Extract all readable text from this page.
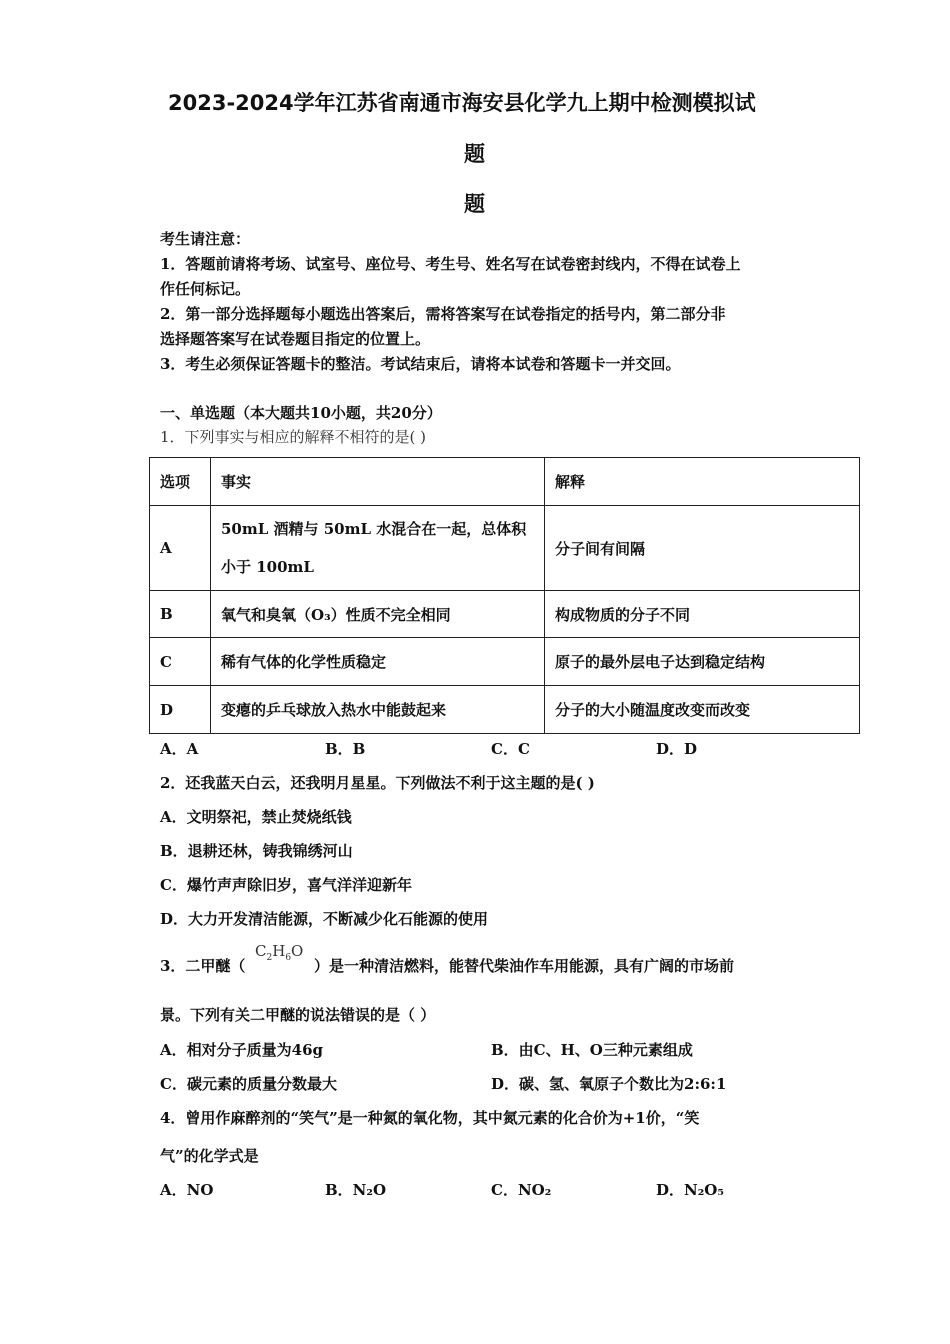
2023-2024学年江苏省南通市海安县化学九上期中检测模拟试
题
题
考生请注意：
1．答题前请将考场、试室号、座位号、考生号、姓名写在试卷密封线内，不得在试卷上
作任何标记。
2．第一部分选择题每小题选出答案后，需将答案写在试卷指定的括号内，第二部分非
选择题答案写在试卷题目指定的位置上。
3．考生必须保证答题卡的整洁。考试结束后，请将本试卷和答题卡一并交回。
一、单选题（本大题共10小题，共20分）
1．下列事实与相应的解释不相符的是( )
选项	事实	解释
A	50mL 酒精与 50mL 水混合在一起，总体积小于 100mL	分子间有间隔
B	氧气和臭氧（O₃）性质不完全相同	构成物质的分子不同
C	稀有气体的化学性质稳定	原子的最外层电子达到稳定结构
D	变瘪的乒乓球放入热水中能鼓起来	分子的大小随温度改变而改变
A．A	B．B	C．C	D．D
2．还我蓝天白云，还我明月星星。下列做法不利于这主题的是( )
A．文明祭祀，禁止焚烧纸钱
B．退耕还林，铸我锦绣河山
C．爆竹声声除旧岁，喜气洋洋迎新年
D．大力开发清洁能源，不断减少化石能源的使用
3．二甲醚（
$C_2H_6O$
）是一种清洁燃料，能替代柴油作车用能源，具有广阔的市场前
景。下列有关二甲醚的说法错误的是（ ）
A．相对分子质量为46g	B．由C、H、O三种元素组成
C．碳元素的质量分数最大	D．碳、氢、氧原子个数比为2:6:1
4．曾用作麻醉剂的“笑气”是一种氮的氧化物，其中氮元素的化合价为+1价，“笑
气”的化学式是
A．NO	B．N₂O	C．NO₂	D．N₂O₅
